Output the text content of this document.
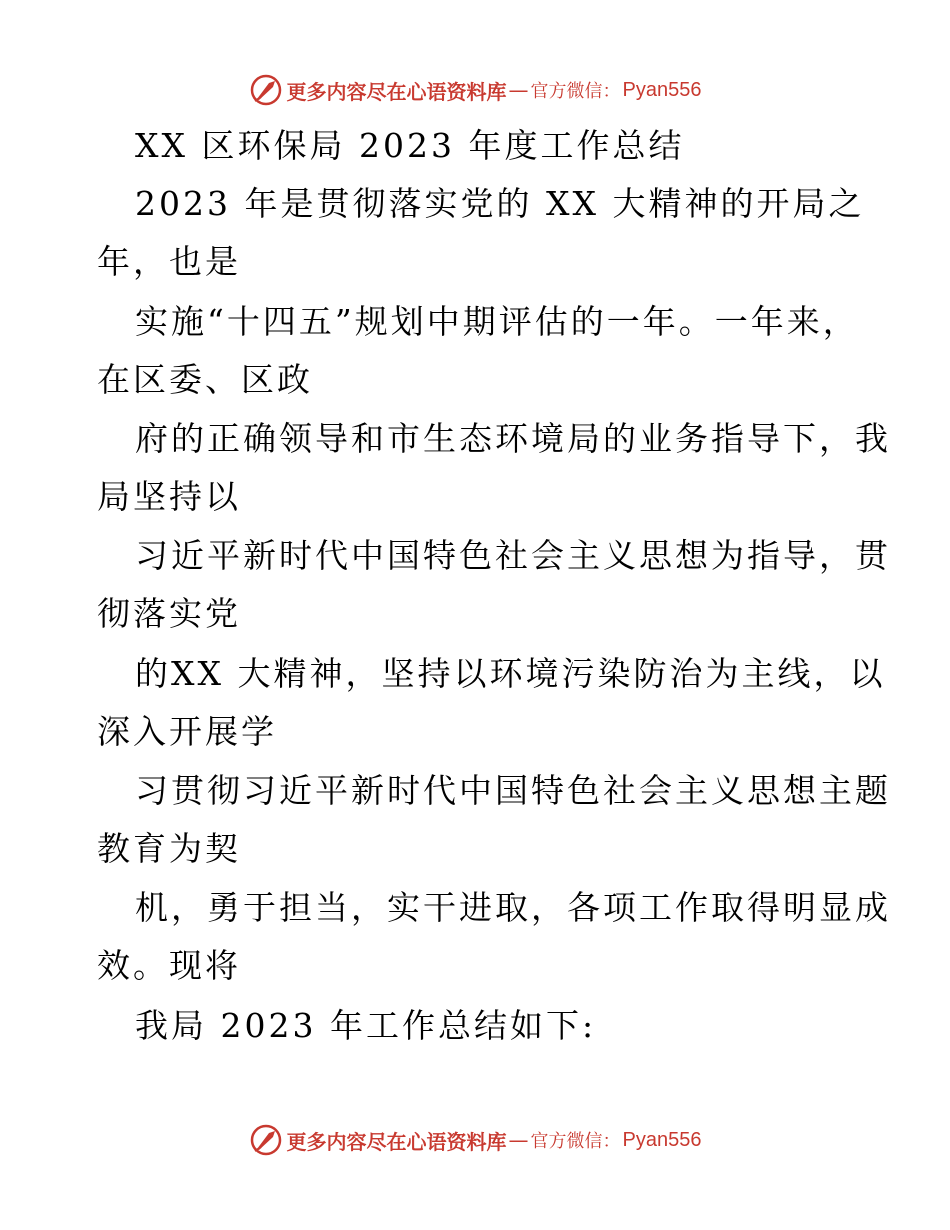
更多内容尽在心语资料库 — 官方微信： Pyan556
XX 区环保局 2023 年度工作总结
2023 年是贯彻落实党的 XX 大精神的开局之
年，也是
实施“十四五”规划中期评估的一年。一年来，
在区委、区政
府的正确领导和市生态环境局的业务指导下，我
局坚持以
习近平新时代中国特色社会主义思想为指导，贯
彻落实党
的XX 大精神，坚持以环境污染防治为主线，以
深入开展学
习贯彻习近平新时代中国特色社会主义思想主题
教育为契
机，勇于担当，实干进取，各项工作取得明显成
效。现将
我局 2023 年工作总结如下:
更多内容尽在心语资料库 — 官方微信： Pyan556
